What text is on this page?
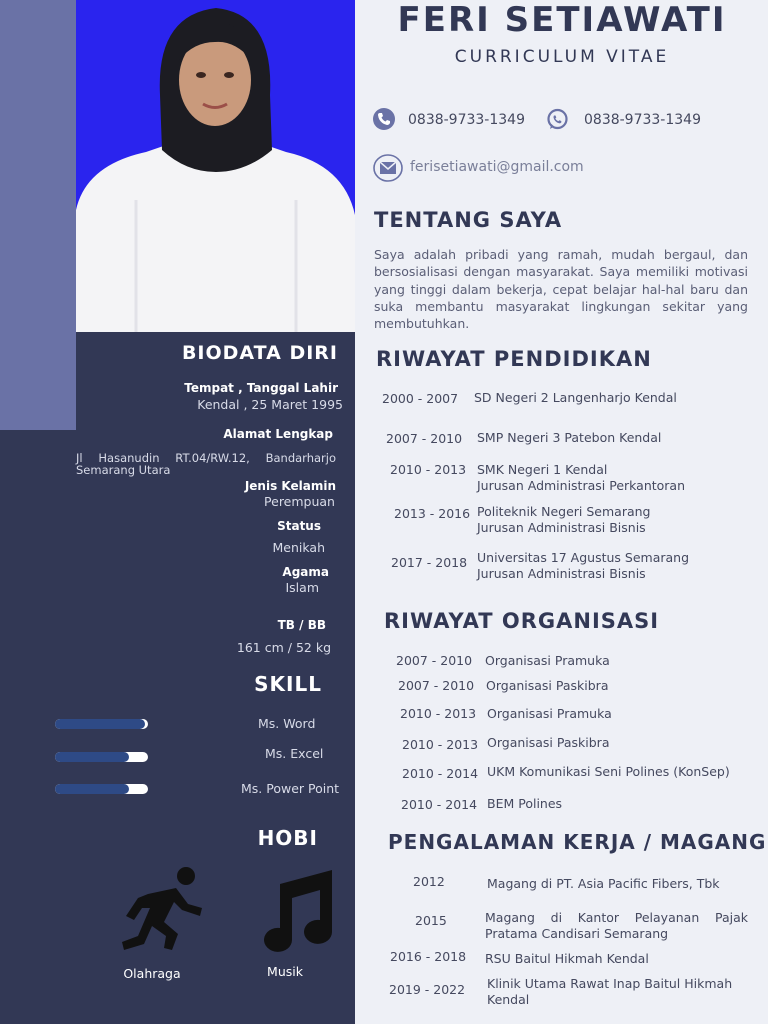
BIODATA DIRI
Tempat , Tanggal Lahir
Kendal , 25 Maret 1995
Alamat Lengkap
Jl Hasanudin RT.04/RW.12, Bandarharjo Semarang Utara
Jenis Kelamin
Perempuan
Status
Menikah
Agama
Islam
TB / BB
161 cm / 52 kg
SKILL
Ms. Word
Ms. Excel
Ms. Power Point
HOBI
Olahraga	Musik
FERI SETIAWATI
CURRICULUM VITAE
0838-9733-1349	0838-9733-1349
ferisetiawati@gmail.com
TENTANG SAYA
Saya adalah pribadi yang ramah, mudah bergaul, dan bersosialisasi dengan masyarakat. Saya memiliki motivasi yang tinggi dalam bekerja, cepat belajar hal-hal baru dan suka membantu masyarakat lingkungan sekitar yang membutuhkan.
RIWAYAT PENDIDIKAN
2000 - 2007 SD Negeri 2 Langenharjo Kendal
2007 - 2010 SMP Negeri 3 Patebon Kendal
2010 - 2013 SMK Negeri 1 Kendal
Jurusan Administrasi Perkantoran
2013 - 2016 Politeknik Negeri Semarang
Jurusan Administrasi Bisnis
2017 - 2018 Universitas 17 Agustus Semarang
Jurusan Administrasi Bisnis
RIWAYAT ORGANISASI
2007 - 2010 Organisasi Pramuka
2007 - 2010 Organisasi Paskibra
2010 - 2013 Organisasi Pramuka
2010 - 2013 Organisasi Paskibra
2010 - 2014 UKM Komunikasi Seni Polines (KonSep)
2010 - 2014 BEM Polines
PENGALAMAN KERJA / MAGANG
2012	Magang di PT. Asia Pacific Fibers, Tbk
2015	Magang di Kantor Pelayanan Pajak Pratama Candisari Semarang
2016 - 2018 RSU Baitul Hikmah Kendal
2019 - 2022 Klinik Utama Rawat Inap Baitul Hikmah Kendal
